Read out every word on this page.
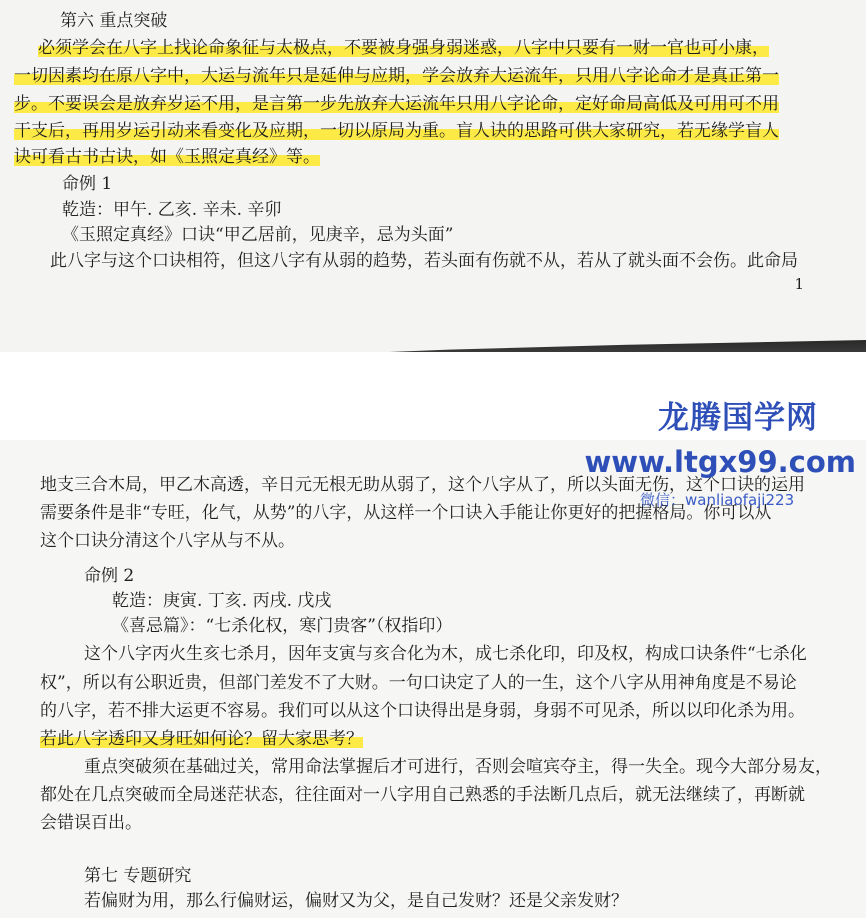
第六 重点突破
必须学会在八字上找论命象征与太极点，不要被身强身弱迷惑，八字中只要有一财一官也可小康，
一切因素均在原八字中，大运与流年只是延伸与应期，学会放弃大运流年，只用八字论命才是真正第一
步。不要误会是放弃岁运不用，是言第一步先放弃大运流年只用八字论命，定好命局高低及可用可不用
干支后，再用岁运引动来看变化及应期，一切以原局为重。盲人诀的思路可供大家研究，若无缘学盲人
诀可看古书古诀，如《玉照定真经》等。
命例 1
乾造：甲午. 乙亥. 辛未. 辛卯
《玉照定真经》口诀“甲乙居前，见庚辛，忌为头面”
此八字与这个口诀相符，但这八字有从弱的趋势，若头面有伤就不从，若从了就头面不会伤。此命局
1
地支三合木局，甲乙木高透，辛日元无根无助从弱了，这个八字从了，所以头面无伤，这个口诀的运用
需要条件是非“专旺，化气，从势”的八字，从这样一个口诀入手能让你更好的把握格局。你可以从
这个口诀分清这个八字从与不从。
命例 2
乾造：庚寅. 丁亥. 丙戌. 戊戌
《喜忌篇》：“七杀化权，寒门贵客”（权指印）
这个八字丙火生亥七杀月，因年支寅与亥合化为木，成七杀化印，印及权，构成口诀条件“七杀化
权”，所以有公职近贵，但部门差发不了大财。一句口诀定了人的一生，这个八字从用神角度是不易论
的八字，若不排大运更不容易。我们可以从这个口诀得出是身弱，身弱不可见杀，所以以印化杀为用。
若此八字透印又身旺如何论？留大家思考？
重点突破须在基础过关，常用命法掌握后才可进行，否则会喧宾夺主，得一失全。现今大部分易友，
都处在几点突破而全局迷茫状态，往往面对一八字用自己熟悉的手法断几点后，就无法继续了，再断就
会错误百出。
第七 专题研究
若偏财为用，那么行偏财运，偏财又为父，是自己发财？还是父亲发财？
龙腾国学网
www.ltgx99.com
微信：wanliaofaji223
